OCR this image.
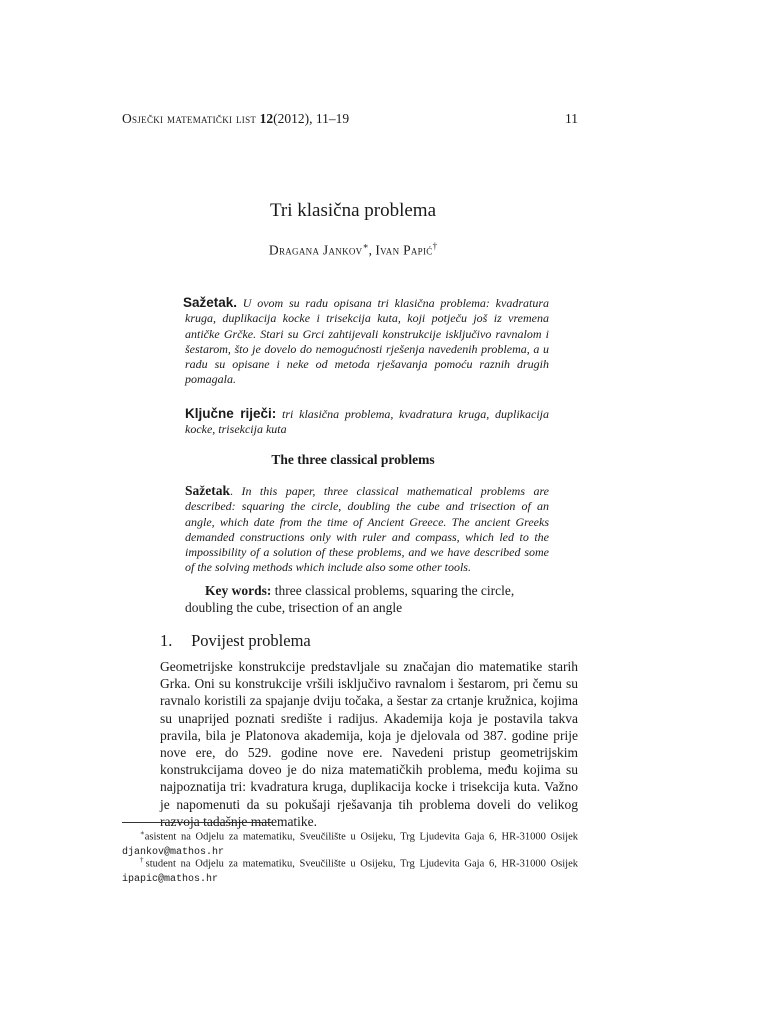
Osječki matematički list 12(2012), 11–19	11
Tri klasična problema
Dragana Jankov∗, Ivan Papić†
Sažetak. U ovom su radu opisana tri klasična problema: kvadratura kruga, duplikacija kocke i trisekcija kuta, koji potječu još iz vremena antičke Grčke. Stari su Grci zahtijevali konstrukcije isključivo ravnalom i šestarom, što je dovelo do nemogućnosti rješenja navedenih problema, a u radu su opisane i neke od metoda rješavanja pomoću raznih drugih pomagala.
Ključne riječi: tri klasična problema, kvadratura kruga, duplikacija kocke, trisekcija kuta
The three classical problems
Sažetak. In this paper, three classical mathematical problems are described: squaring the circle, doubling the cube and trisection of an angle, which date from the time of Ancient Greece. The ancient Greeks demanded constructions only with ruler and compass, which led to the impossibility of a solution of these problems, and we have described some of the solving methods which include also some other tools.
Key words: three classical problems, squaring the circle, doubling the cube, trisection of an angle
1. Povijest problema
Geometrijske konstrukcije predstavljale su značajan dio matematike starih Grka. Oni su konstrukcije vršili isključivo ravnalom i šestarom, pri čemu su ravnalo koristili za spajanje dviju točaka, a šestar za crtanje kružnica, kojima su unaprijed poznati središte i radijus. Akademija koja je postavila takva pravila, bila je Platonova akademija, koja je djelovala od 387. godine prije nove ere, do 529. godine nove ere. Navedeni pristup geometrijskim konstrukcijama doveo je do niza matematičkih problema, među kojima su najpoznatija tri: kvadratura kruga, duplikacija kocke i trisekcija kuta. Važno je napomenuti da su pokušaji rješavanja tih problema doveli do velikog razvoja tadašnje matematike.
∗asistent na Odjelu za matematiku, Sveučilište u Osijeku, Trg Ljudevita Gaja 6, HR-31000 Osijek djankov@mathos.hr
†student na Odjelu za matematiku, Sveučilište u Osijeku, Trg Ljudevita Gaja 6, HR-31000 Osijek ipapic@mathos.hr
